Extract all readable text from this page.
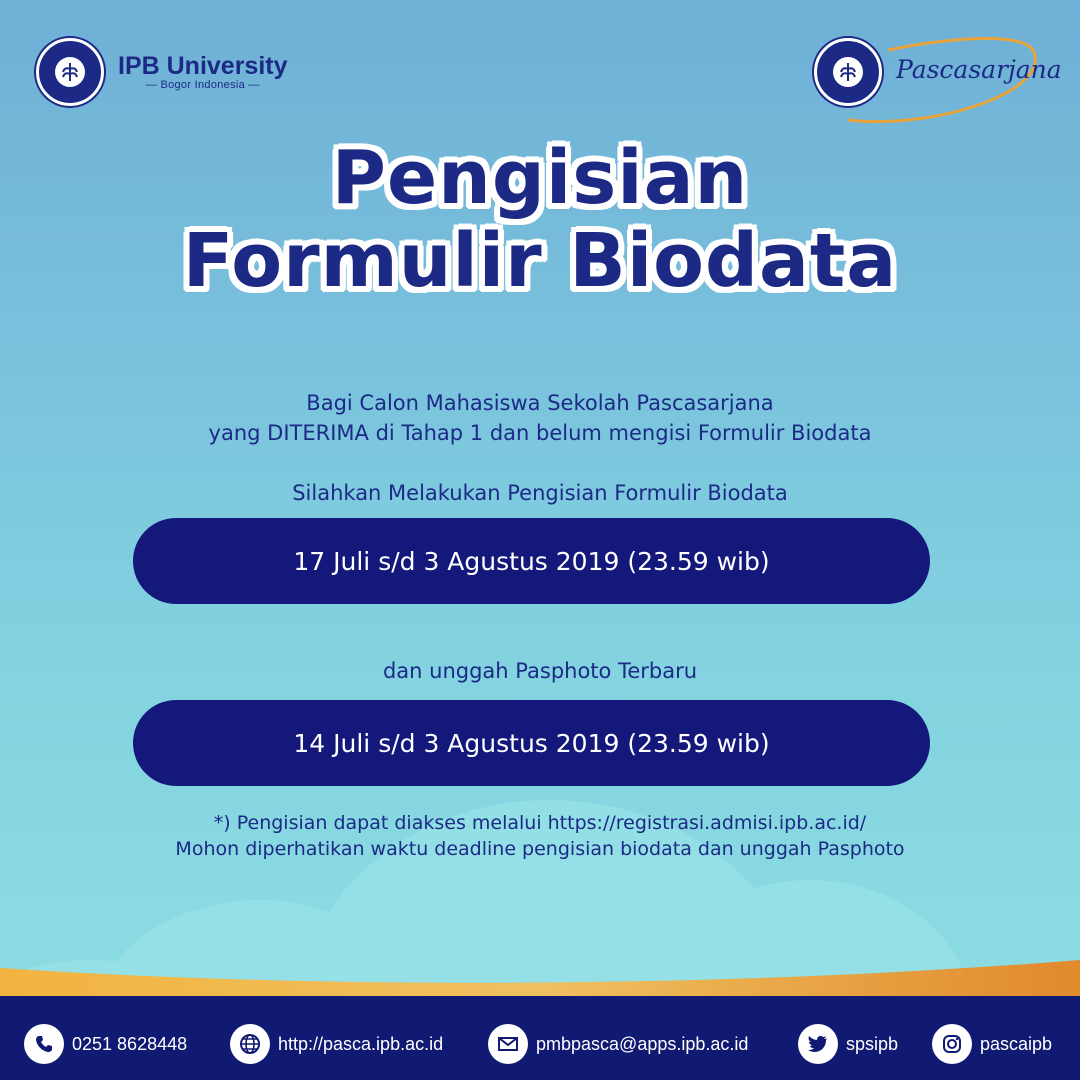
IPB University
— Bogor Indonesia —
Pascasarjana
Pengisian
Formulir Biodata
Bagi Calon Mahasiswa Sekolah Pascasarjana
yang DITERIMA di Tahap 1 dan belum mengisi Formulir Biodata
Silahkan Melakukan Pengisian Formulir Biodata
17 Juli s/d 3 Agustus 2019 (23.59 wib)
dan unggah Pasphoto Terbaru
14 Juli s/d 3 Agustus 2019 (23.59 wib)
*) Pengisian dapat diakses melalui https://registrasi.admisi.ipb.ac.id/
Mohon diperhatikan waktu deadline pengisian biodata dan unggah Pasphoto
0251 8628448	http://pasca.ipb.ac.id	pmbpasca@apps.ipb.ac.id	spsipb	pascaipb
